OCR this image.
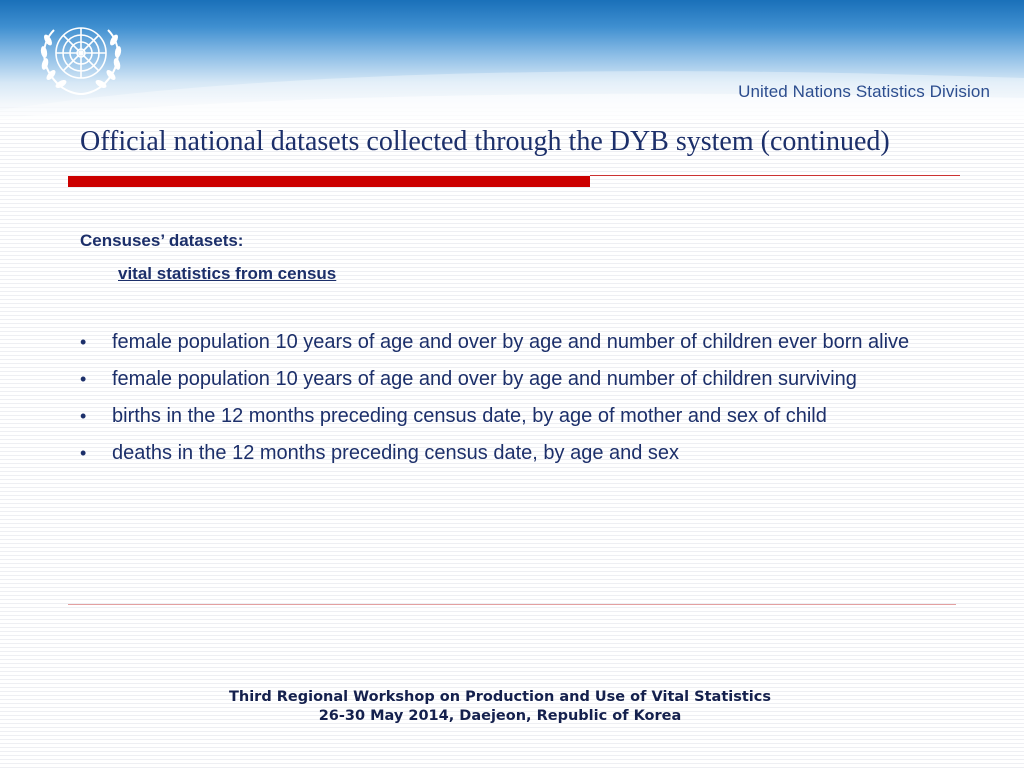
United Nations Statistics Division
Official national datasets collected through the DYB system (continued)
Censuses’ datasets:
vital statistics from census
•	female population 10 years of age and over by age and number of children ever born alive
•	female population 10 years of age and over by age and number of children surviving
•	births in the 12 months preceding census date, by age of mother and sex of child
•	deaths in the 12 months preceding census date, by age and sex
Third Regional Workshop on Production and Use of Vital Statistics
26-30 May 2014, Daejeon, Republic of Korea
